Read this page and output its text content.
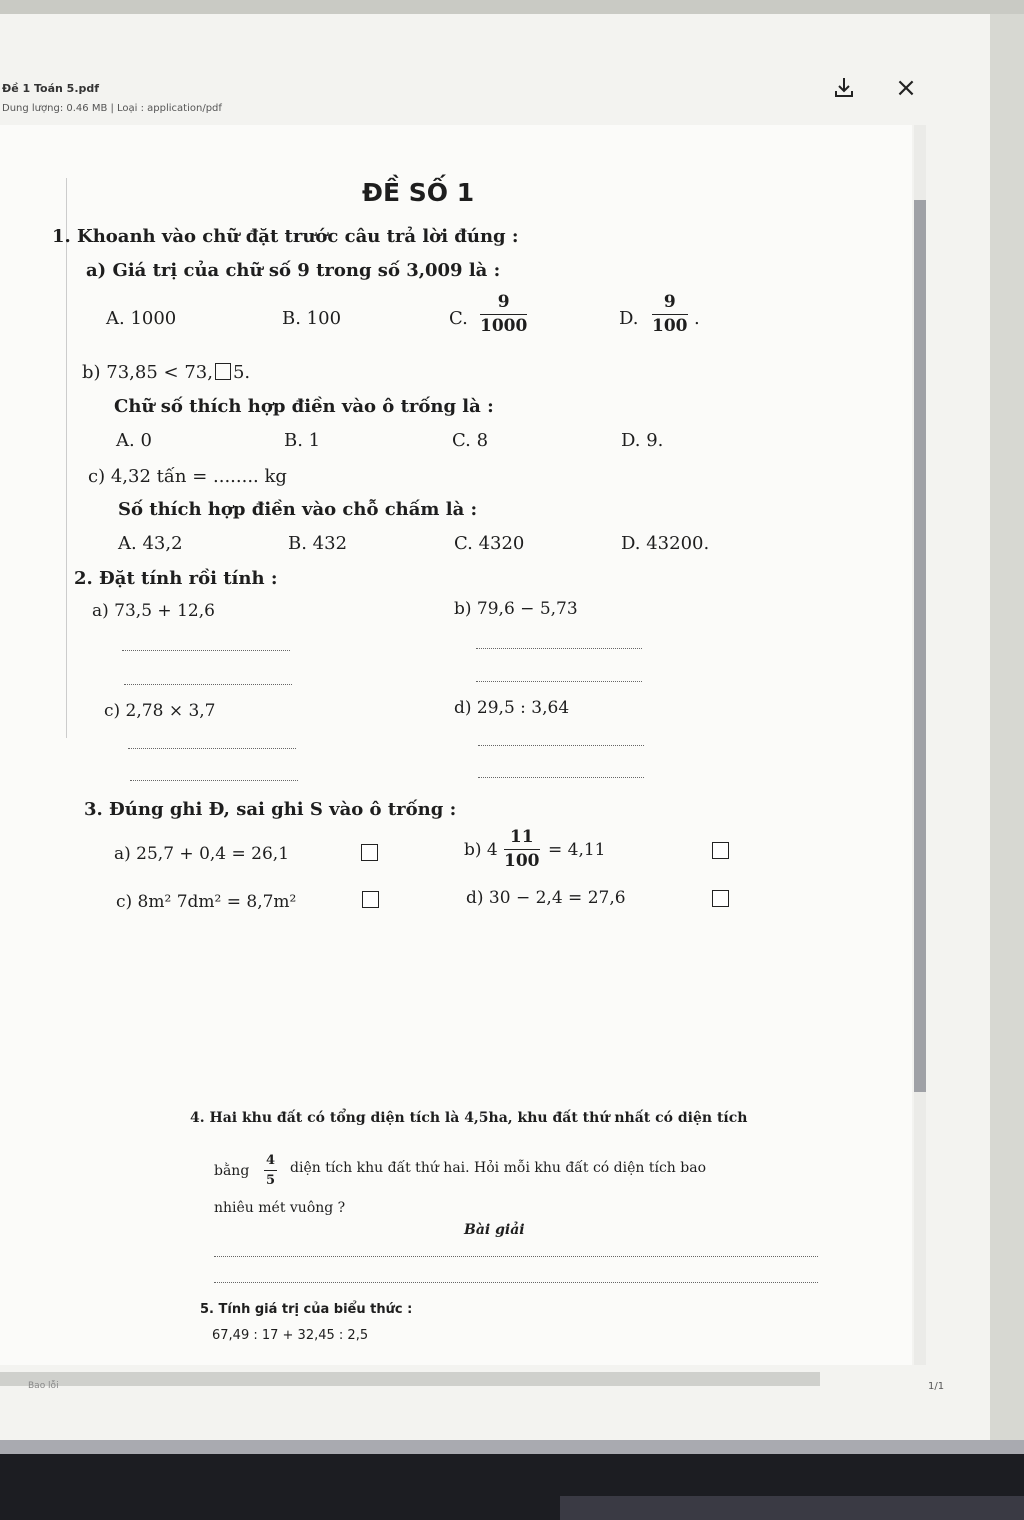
Đề 1 Toán 5.pdf
Dung lượng: 0.46 MB | Loại : application/pdf
×
ĐỀ SỐ 1
1. Khoanh vào chữ đặt trước câu trả lời đúng :
a) Giá trị của chữ số 9 trong số 3,009 là :
A. 1000	B. 100	C. $\frac{9}{1000}$	D. $\frac{9}{100}$ .
b) 73,85 < 73, 5.
Chữ số thích hợp điền vào ô trống là :
A. 0	B. 1	C. 8	D. 9.
c) 4,32 tấn = ........ kg
Số thích hợp điền vào chỗ chấm là :
A. 43,2	B. 432	C. 4320	D. 43200.
2. Đặt tính rồi tính :
a) 73,5 + 12,6	b) 79,6 − 5,73
c) 2,78 × 3,7	d) 29,5 : 3,64
3. Đúng ghi Đ, sai ghi S vào ô trống :
a) 25,7 + 0,4 = 26,1	b) $4 \frac{11}{100} = 4,11$
c) 8m² 7dm² = 8,7m²	d) 30 − 2,4 = 27,6
4. Hai khu đất có tổng diện tích là 4,5ha, khu đất thứ nhất có diện tích
bằng $\frac{4}{5}$ diện tích khu đất thứ hai. Hỏi mỗi khu đất có diện tích bao
nhiêu mét vuông ?
Bài giải
5. Tính giá trị của biểu thức :
67,49 : 17 + 32,45 : 2,5
Bao lỗi	1/1
